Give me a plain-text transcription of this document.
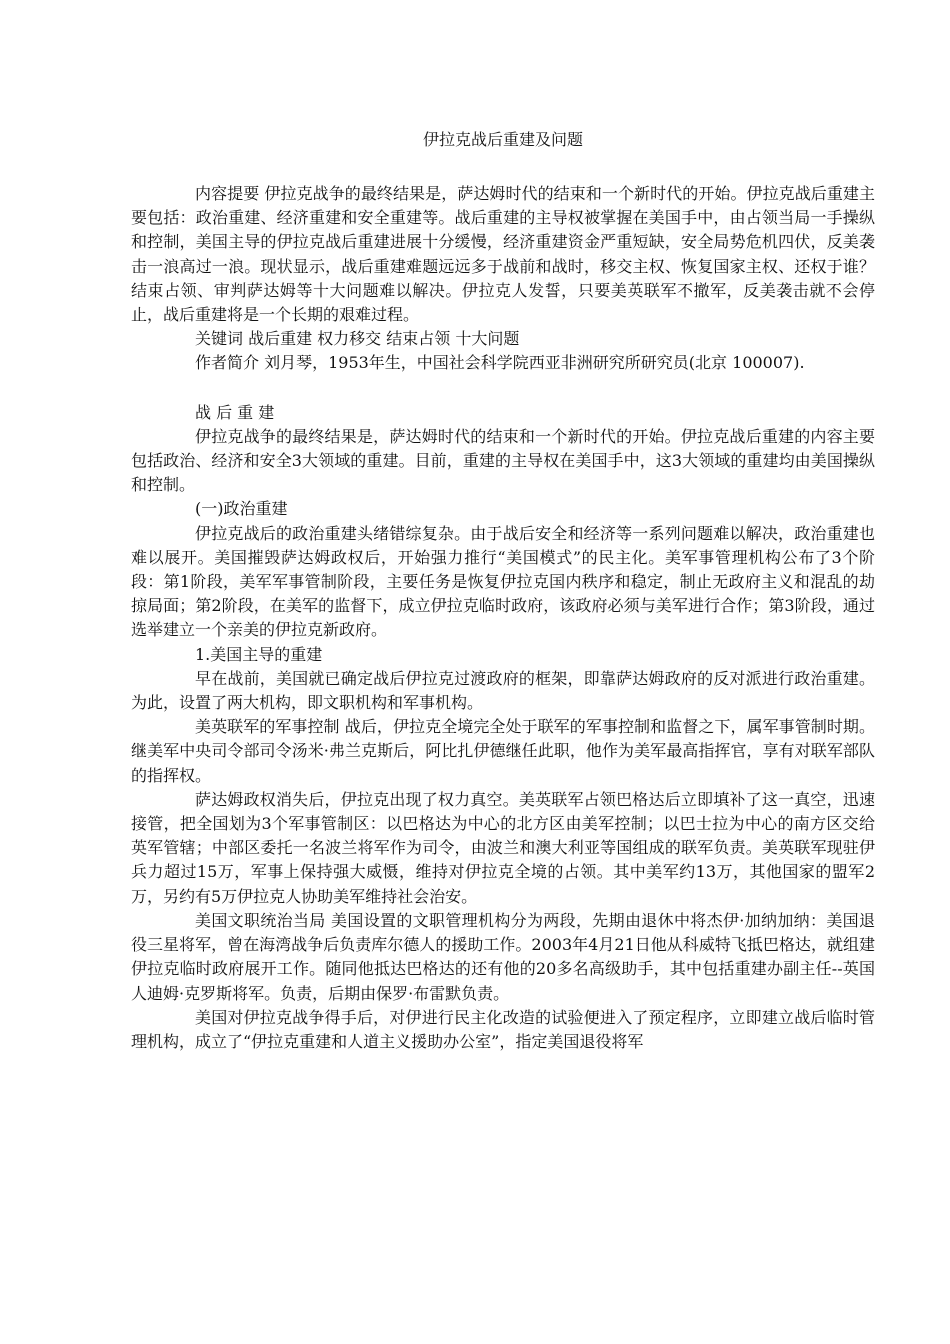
伊拉克战后重建及问题

内容提要 伊拉克战争的最终结果是，萨达姆时代的结束和一个新时代的开始。伊拉克战后重建主要包括：政治重建、经济重建和安全重建等。战后重建的主导权被掌握在美国手中，由占领当局一手操纵和控制，美国主导的伊拉克战后重建进展十分缓慢，经济重建资金严重短缺，安全局势危机四伏，反美袭击一浪高过一浪。现状显示，战后重建难题远远多于战前和战时，移交主权、恢复国家主权、还权于谁？结束占领、审判萨达姆等十大问题难以解决。伊拉克人发誓，只要美英联军不撤军，反美袭击就不会停止，战后重建将是一个长期的艰难过程。

关键词 战后重建 权力移交 结束占领 十大问题

作者简介 刘月琴，1953年生，中国社会科学院西亚非洲研究所研究员(北京 100007).

战 后 重 建

伊拉克战争的最终结果是，萨达姆时代的结束和一个新时代的开始。伊拉克战后重建的内容主要包括政治、经济和安全3大领域的重建。目前，重建的主导权在美国手中，这3大领域的重建均由美国操纵和控制。

(一)政治重建

伊拉克战后的政治重建头绪错综复杂。由于战后安全和经济等一系列问题难以解决，政治重建也难以展开。美国摧毁萨达姆政权后，开始强力推行“美国模式”的民主化。美军事管理机构公布了3个阶段：第1阶段，美军军事管制阶段，主要任务是恢复伊拉克国内秩序和稳定，制止无政府主义和混乱的劫掠局面；第2阶段，在美军的监督下，成立伊拉克临时政府，该政府必须与美军进行合作；第3阶段，通过选举建立一个亲美的伊拉克新政府。

1.美国主导的重建

早在战前，美国就已确定战后伊拉克过渡政府的框架，即靠萨达姆政府的反对派进行政治重建。为此，设置了两大机构，即文职机构和军事机构。

美英联军的军事控制 战后，伊拉克全境完全处于联军的军事控制和监督之下，属军事管制时期。继美军中央司令部司令汤米·弗兰克斯后，阿比扎伊德继任此职，他作为美军最高指挥官，享有对联军部队的指挥权。

萨达姆政权消失后，伊拉克出现了权力真空。美英联军占领巴格达后立即填补了这一真空，迅速接管，把全国划为3个军事管制区：以巴格达为中心的北方区由美军控制；以巴士拉为中心的南方区交给英军管辖；中部区委托一名波兰将军作为司令，由波兰和澳大利亚等国组成的联军负责。美英联军现驻伊兵力超过15万，军事上保持强大威慑，维持对伊拉克全境的占领。其中美军约13万，其他国家的盟军2万，另约有5万伊拉克人协助美军维持社会治安。

美国文职统治当局 美国设置的文职管理机构分为两段，先期由退休中将杰伊·加纳加纳：美国退役三星将军，曾在海湾战争后负责库尔德人的援助工作。2003年4月21日他从科威特飞抵巴格达，就组建伊拉克临时政府展开工作。随同他抵达巴格达的还有他的20多名高级助手，其中包括重建办副主任--英国人迪姆·克罗斯将军。负责，后期由保罗·布雷默负责。

美国对伊拉克战争得手后，对伊进行民主化改造的试验便进入了预定程序，立即建立战后临时管理机构，成立了“伊拉克重建和人道主义援助办公室”，指定美国退役将军
